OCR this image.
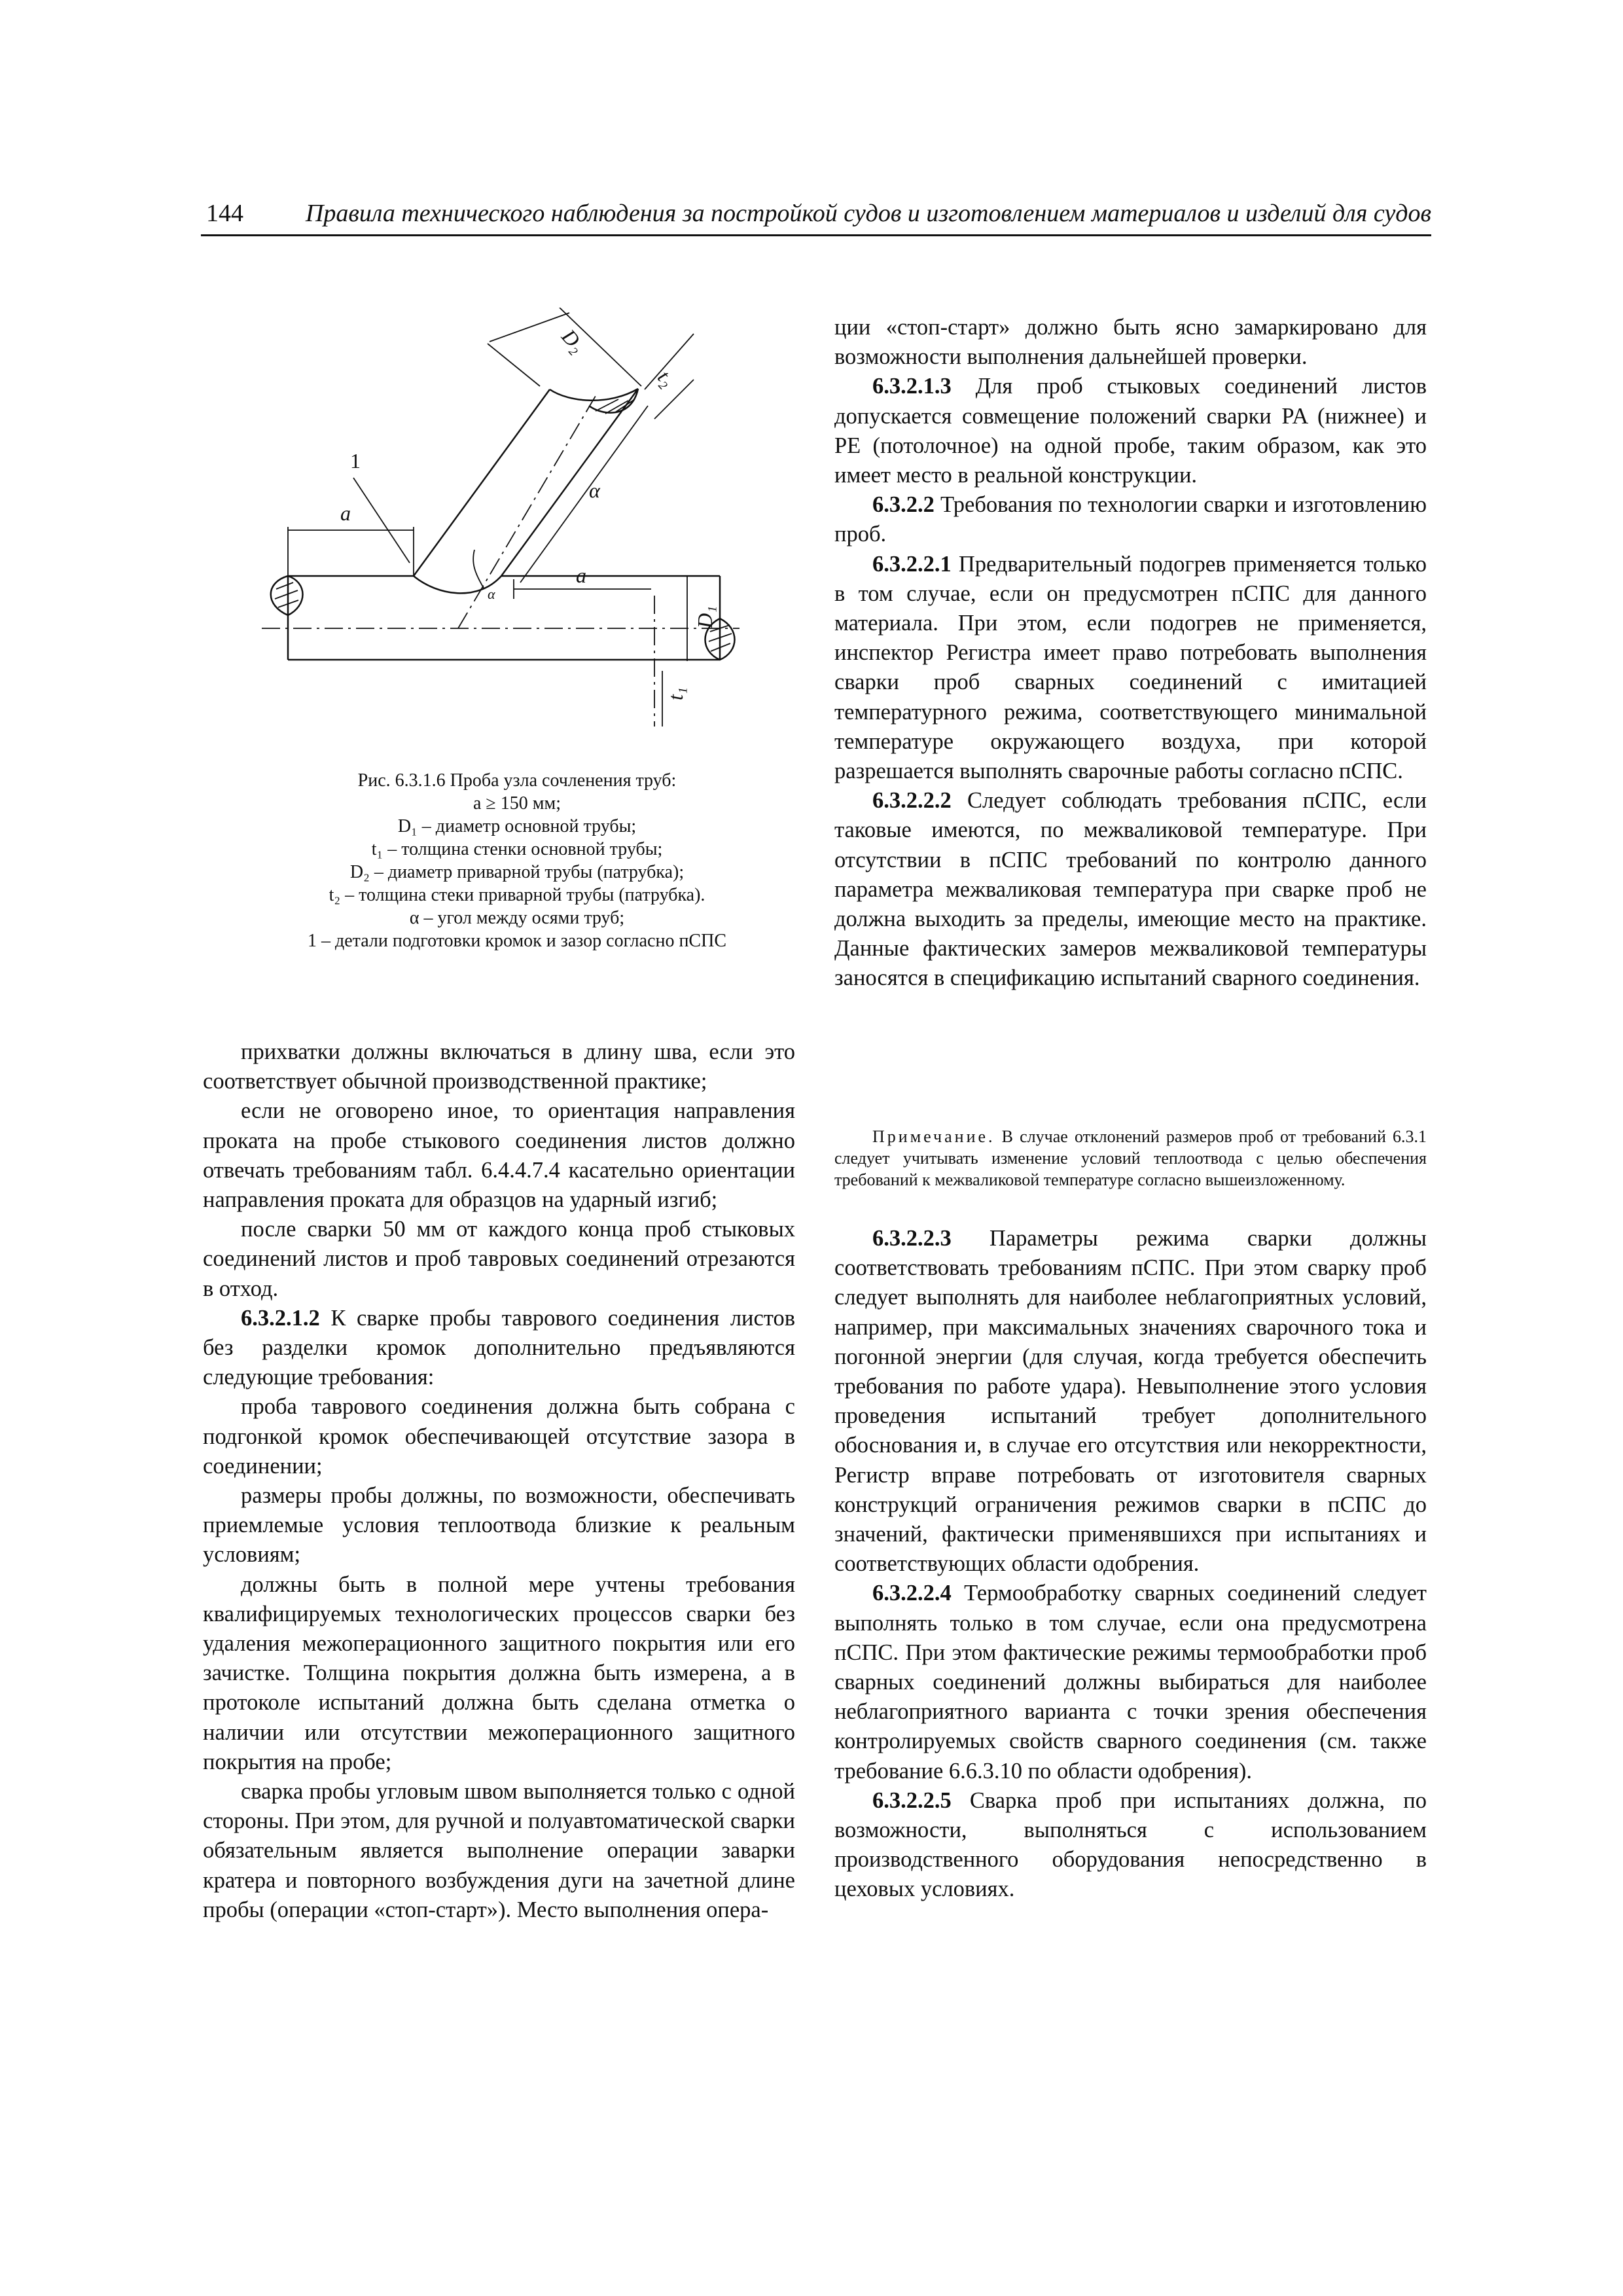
144	Правила технического наблюдения за постройкой судов и изготовлением материалов и изделий для судов
D₂
t₂
α
α
1
a
a
D₁
t₁
Рис. 6.3.1.6 Проба узла сочленения труб:
a ≥ 150 мм;
D₁ – диаметр основной трубы;
t₁ – толщина стенки основной трубы;
D₂ – диаметр приварной трубы (патрубка);
t₂ – толщина стеки приварной трубы (патрубка).
α – угол между осями труб;
1 – детали подготовки кромок и зазор согласно пСПС

прихватки должны включаться в длину шва, если это соответствует обычной производственной практике;

если не оговорено иное, то ориентация направления проката на пробе стыкового соединения листов должно отвечать требованиям табл. 6.4.4.7.4 касательно ориентации направления проката для образцов на ударный изгиб;

после сварки 50 мм от каждого конца проб стыковых соединений листов и проб тавровых соединений отрезаются в отход.

6.3.2.1.2 К сварке пробы таврового соединения листов без разделки кромок дополнительно предъявляются следующие требования:

проба таврового соединения должна быть собрана с подгонкой кромок обеспечивающей отсутствие зазора в соединении;

размеры пробы должны, по возможности, обеспечивать приемлемые условия теплоотвода близкие к реальным условиям;

должны быть в полной мере учтены требования квалифицируемых технологических процессов сварки без удаления межоперационного защитного покрытия или его зачистке. Толщина покрытия должна быть измерена, а в протоколе испытаний должна быть сделана отметка о наличии или отсутствии межоперационного защитного покрытия на пробе;

сварка пробы угловым швом выполняется только с одной стороны. При этом, для ручной и полуавтоматической сварки обязательным является выполнение операции заварки кратера и повторного возбуждения дуги на зачетной длине пробы (операции «стоп-старт»). Место выполнения опера-

ции «стоп-старт» должно быть ясно замаркировано для возможности выполнения дальнейшей проверки.

6.3.2.1.3 Для проб стыковых соединений листов допускается совмещение положений сварки PA (нижнее) и PE (потолочное) на одной пробе, таким образом, как это имеет место в реальной конструкции.

6.3.2.2 Требования по технологии сварки и изготовлению проб.

6.3.2.2.1 Предварительный подогрев применяется только в том случае, если он предусмотрен пСПС для данного материала. При этом, если подогрев не применяется, инспектор Регистра имеет право потребовать выполнения сварки проб сварных соединений с имитацией температурного режима, соответствующего минимальной температуре окружающего воздуха, при которой разрешается выполнять сварочные работы согласно пСПС.

6.3.2.2.2 Следует соблюдать требования пСПС, если таковые имеются, по межваликовой температуре. При отсутствии в пСПС требований по контролю данного параметра межваликовая температура при сварке проб не должна выходить за пределы, имеющие место на практике. Данные фактических замеров межваликовой температуры заносятся в спецификацию испытаний сварного соединения.

Примечание. В случае отклонений размеров проб от требований 6.3.1 следует учитывать изменение условий теплоотвода с целью обеспечения требований к межваликовой температуре согласно вышеизложенному.

6.3.2.2.3 Параметры режима сварки должны соответствовать требованиям пСПС. При этом сварку проб следует выполнять для наиболее неблагоприятных условий, например, при максимальных значениях сварочного тока и погонной энергии (для случая, когда требуется обеспечить требования по работе удара). Невыполнение этого условия проведения испытаний требует дополнительного обоснования и, в случае его отсутствия или некорректности, Регистр вправе потребовать от изготовителя сварных конструкций ограничения режимов сварки в пСПС до значений, фактически применявшихся при испытаниях и соответствующих области одобрения.

6.3.2.2.4 Термообработку сварных соединений следует выполнять только в том случае, если она предусмотрена пСПС. При этом фактические режимы термообработки проб сварных соединений должны выбираться для наиболее неблагоприятного варианта с точки зрения обеспечения контролируемых свойств сварного соединения (см. также требование 6.6.3.10 по области одобрения).

6.3.2.2.5 Сварка проб при испытаниях должна, по возможности, выполняться с использованием производственного оборудования непосредственно в цеховых условиях.
